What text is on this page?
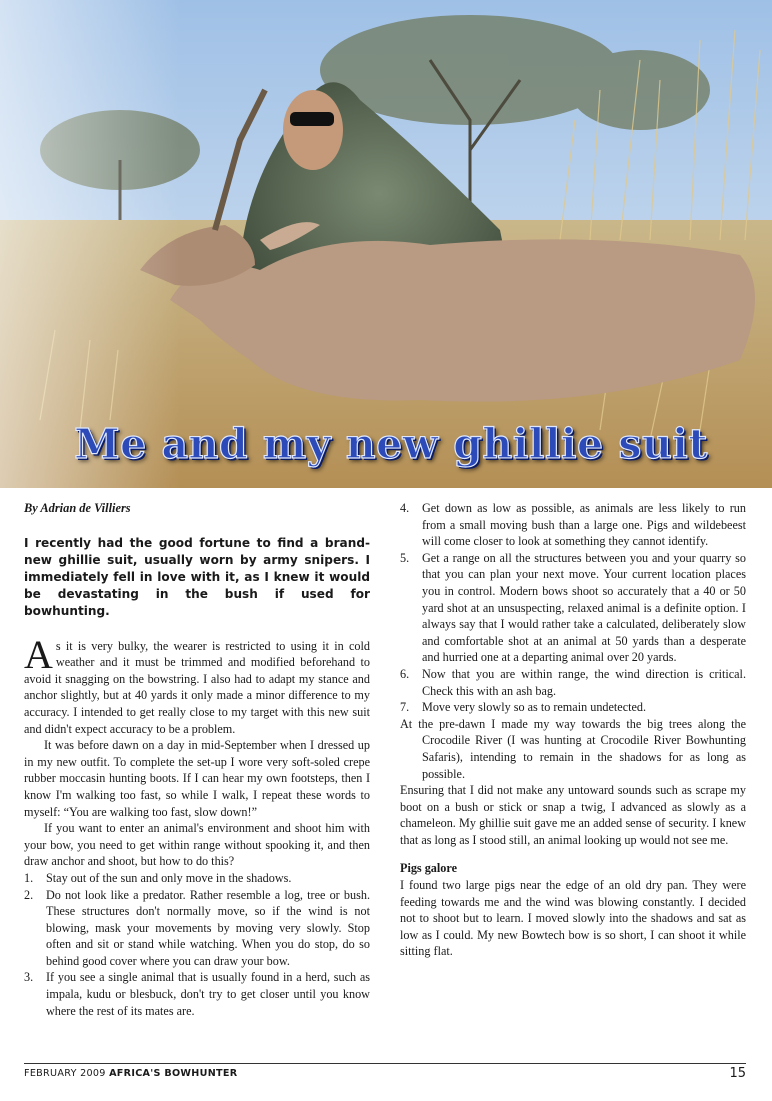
Me and my new ghillie suit

By Adrian de Villiers

I recently had the good fortune to find a brand-new ghillie suit, usually worn by army snipers. I immediately fell in love with it, as I knew it would be devastating in the bush if used for bowhunting.

As it is very bulky, the wearer is restricted to using it in cold weather and it must be trimmed and modified beforehand to avoid it snagging on the bowstring. I also had to adapt my stance and anchor slightly, but at 40 yards it only made a minor difference to my accuracy. I intended to get really close to my target with this new suit and didn't expect accuracy to be a problem.

It was before dawn on a day in mid-September when I dressed up in my new outfit. To complete the set-up I wore very soft-soled crepe rubber moccasin hunting boots. If I can hear my own footsteps, then I know I'm walking too fast, so while I walk, I repeat these words to myself: “You are walking too fast, slow down!”

If you want to enter an animal's environment and shoot him with your bow, you need to get within range without spooking it, and then draw anchor and shoot, but how to do this?

1. Stay out of the sun and only move in the shadows.
2. Do not look like a predator. Rather resemble a log, tree or bush. These structures don't normally move, so if the wind is not blowing, mask your movements by moving very slowly. Stop often and sit or stand while watching. When you do stop, do so behind good cover where you can draw your bow.
3. If you see a single animal that is usually found in a herd, such as impala, kudu or blesbuck, don't try to get closer until you know where the rest of its mates are.
4. Get down as low as possible, as animals are less likely to run from a small moving bush than a large one. Pigs and wildebeest will come closer to look at something they cannot identify.
5. Get a range on all the structures between you and your quarry so that you can plan your next move. Your current location places you in control. Modern bows shoot so accurately that a 40 or 50 yard shot at an unsuspecting, relaxed animal is a definite option. I always say that I would rather take a calculated, deliberately slow and comfortable shot at an animal at 50 yards than a desperate and hurried one at a departing animal over 20 yards.
6. Now that you are within range, the wind direction is critical. Check this with an ash bag.
7. Move very slowly so as to remain undetected.

At the pre-dawn I made my way towards the big trees along the Crocodile River (I was hunting at Crocodile River Bowhunting Safaris), intending to remain in the shadows for as long as possible.

Ensuring that I did not make any untoward sounds such as scrape my boot on a bush or stick or snap a twig, I advanced as slowly as a chameleon. My ghillie suit gave me an added sense of security. I knew that as long as I stood still, an animal looking up would not see me.

Pigs galore

I found two large pigs near the edge of an old dry pan. They were feeding towards me and the wind was blowing constantly. I decided not to shoot but to learn. I moved slowly into the shadows and sat as low as I could. My new Bowtech bow is so short, I can shoot it while sitting flat.

FEBRUARY 2009 AFRICA'S BOWHUNTER	15
